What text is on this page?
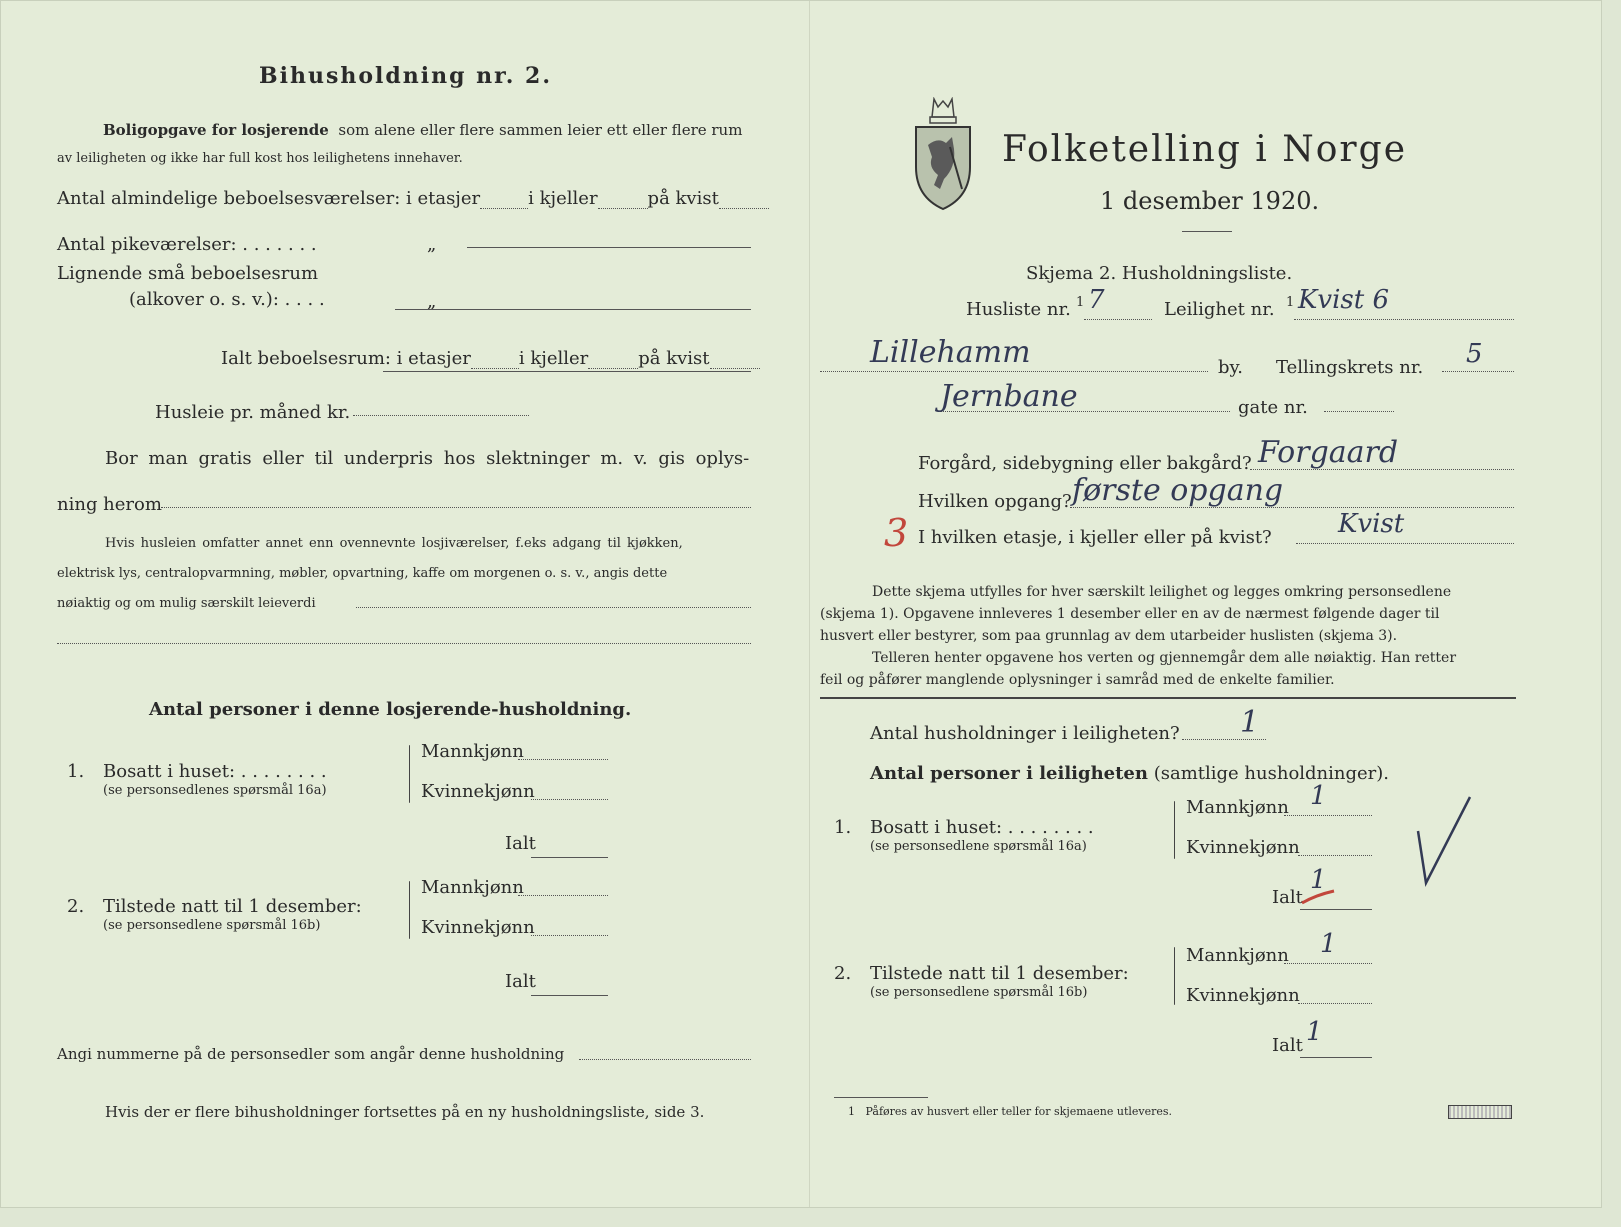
Bihusholdning nr. 2.
Boligopgave for losjerende som alene eller flere sammen leier ett eller flere rum
av leiligheten og ikke har full kost hos leilighetens innehaver.
Antal almindelige beboelsesværelser: i etasjer	i kjeller	på kvist
Antal pikeværelser: . . . . . . .	„
Lignende små beboelsesrum
(alkover o. s. v.): . . . .	„
Ialt beboelsesrum: i etasjer	i kjeller	på kvist
Husleie pr. måned kr.
Bor man gratis eller til underpris hos slektninger m. v. gis oplys-
ning herom
Hvis husleien omfatter annet enn ovennevnte losjiværelser, f.eks adgang til kjøkken,
elektrisk lys, centralopvarmning, møbler, opvartning, kaffe om morgenen o. s. v., angis dette
nøiaktig og om mulig særskilt leieverdi
Antal personer i denne losjerende-husholdning.
1. Bosatt i huset: . . . . . . . .
(se personsedlenes spørsmål 16a)
Mannkjønn
Kvinnekjønn
Ialt
2. Tilstede natt til 1 desember:
(se personsedlene spørsmål 16b)
Mannkjønn
Kvinnekjønn
Ialt
Angi nummerne på de personsedler som angår denne husholdning
Hvis der er flere bihusholdninger fortsettes på en ny husholdningsliste, side 3.
Folketelling i Norge
1 desember 1920.
Skjema 2. Husholdningsliste.
Husliste nr. 1 7	Leilighet nr. 1 Kvist 6
Lillehamm	by. Tellingskrets nr. 5
Jernbane	gate nr.
Forgård, sidebygning eller bakgård? Forgaard
Hvilken opgang? første opgang
3 I hvilken etasje, i kjeller eller på kvist?	Kvist
Dette skjema utfylles for hver særskilt leilighet og legges omkring personsedlene
(skjema 1). Opgavene innleveres 1 desember eller en av de nærmest følgende dager til
husvert eller bestyrer, som paa grunnlag av dem utarbeider huslisten (skjema 3).
Telleren henter opgavene hos verten og gjennemgår dem alle nøiaktig. Han retter
feil og påfører manglende oplysninger i samråd med de enkelte familier.
Antal husholdninger i leiligheten? 1
Antal personer i leiligheten (samtlige husholdninger).
1. Bosatt i huset: . . . . . . . .
(se personsedlene spørsmål 16a)
Mannkjønn 1
Kvinnekjønn
Ialt
1
2. Tilstede natt til 1 desember:
(se personsedlene spørsmål 16b)
Mannkjønn 1
Kvinnekjønn
Ialt 1
1 Påføres av husvert eller teller for skjemaene utleveres.
